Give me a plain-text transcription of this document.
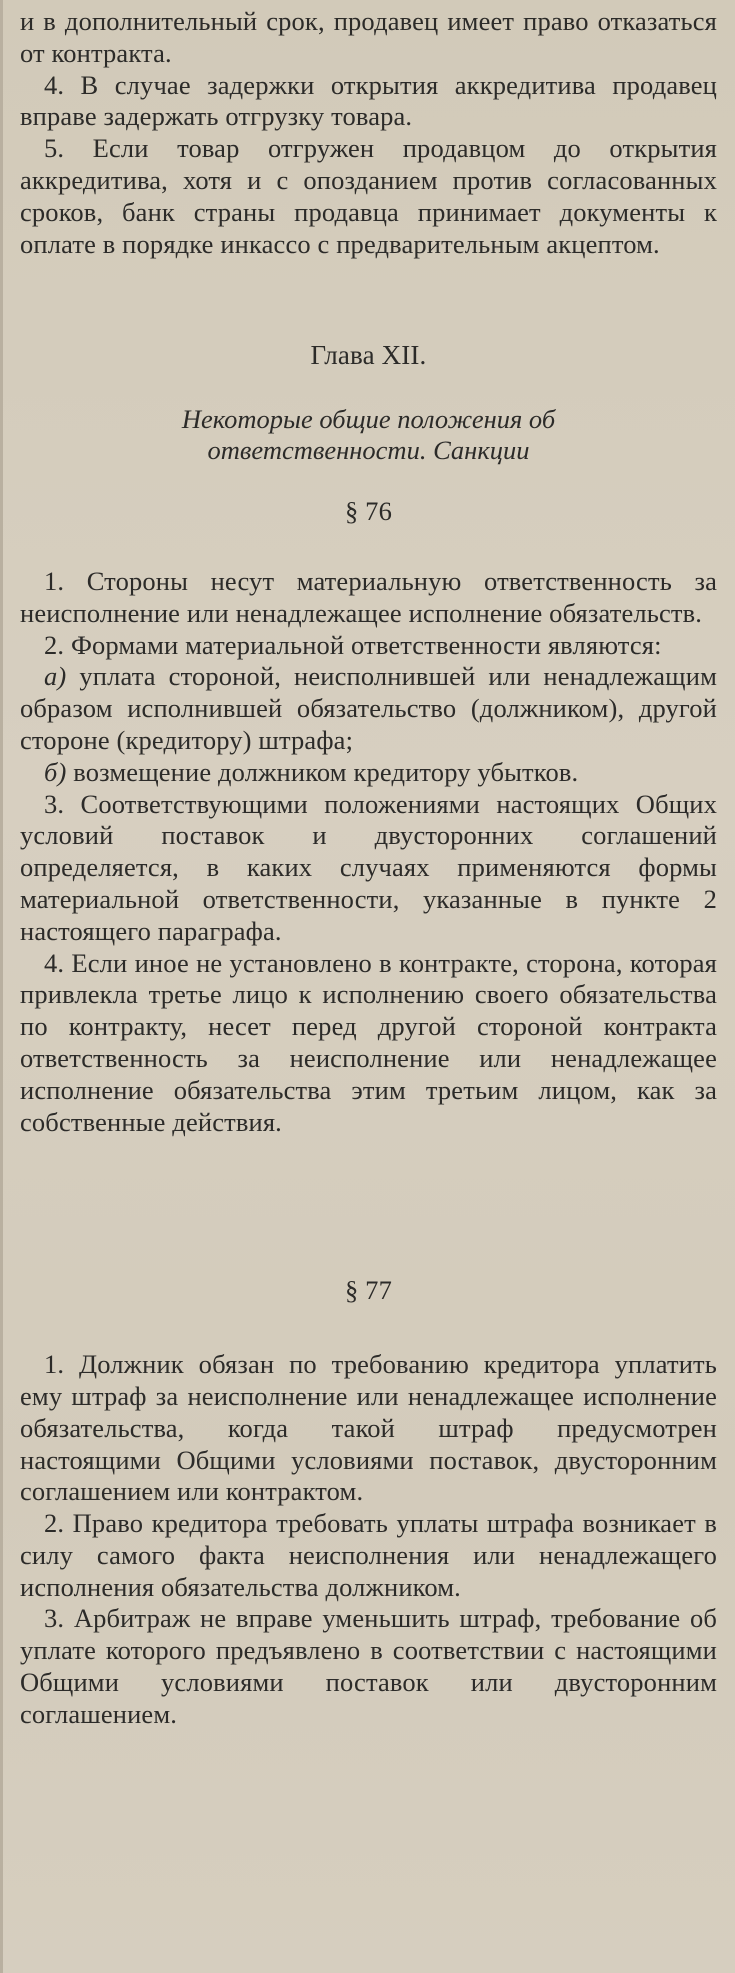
и в дополнительный срок, продавец имеет право отказаться от контракта.

4. В случае задержки открытия аккредитива продавец вправе задержать отгрузку товара.

5. Если товар отгружен продавцом до открытия аккредитива, хотя и с опозданием против согласованных сроков, банк страны продавца принимает документы к оплате в порядке инкассо с предварительным акцептом.

Глава XII.

Некоторые общие положения об
ответственности. Санкции

§ 76

1. Стороны несут материальную ответственность за неисполнение или ненадлежащее исполнение обязательств.

2. Формами материальной ответственности являются:

а) уплата стороной, неисполнившей или ненадлежащим образом исполнившей обязательство (должником), другой стороне (кредитору) штрафа;

б) возмещение должником кредитору убытков.

3. Соответствующими положениями настоящих Общих условий поставок и двусторонних соглашений определяется, в каких случаях применяются формы материальной ответственности, указанные в пункте 2 настоящего параграфа.

4. Если иное не установлено в контракте, сторона, которая привлекла третье лицо к исполнению своего обязательства по контракту, несет перед другой стороной контракта ответственность за неисполнение или ненадлежащее исполнение обязательства этим третьим лицом, как за собственные действия.

§ 77

1. Должник обязан по требованию кредитора уплатить ему штраф за неисполнение или ненадлежащее исполнение обязательства, когда такой штраф предусмотрен настоящими Общими условиями поставок, двусторонним соглашением или контрактом.

2. Право кредитора требовать уплаты штрафа возникает в силу самого факта неисполнения или ненадлежащего исполнения обязательства должником.

3. Арбитраж не вправе уменьшить штраф, требование об уплате которого предъявлено в соответствии с настоящими Общими условиями поставок или двусторонним соглашением.
